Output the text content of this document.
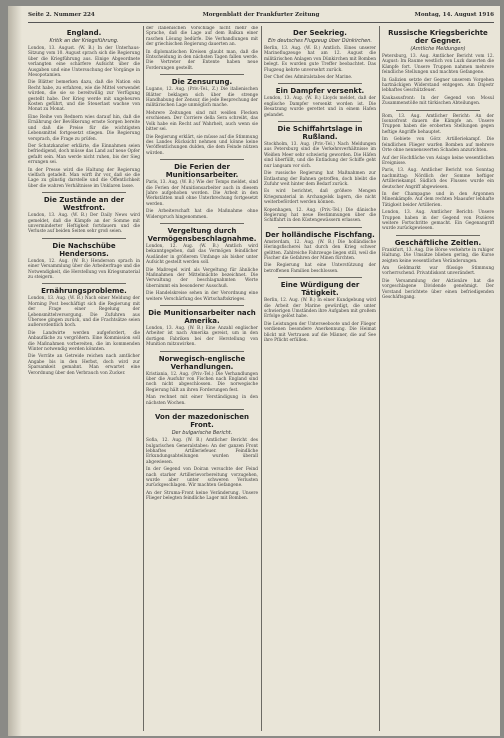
Seite 2. Nummer 224	Morgenblatt der Frankfurter Zeitung	Montag, 14. August 1916
England.
Kritik an der Kriegsführung.
London, 13. August. (W. B.) In der Unterhaus-Sitzung vom 10. August sprach sich die Regierung über die Kriegführung aus. Einige Abgeordnete verlangten eine schärfere Aufsicht über die Ausgaben und eine Untersuchung der Vorgänge in Mesopotamien.
Die Blätter bemerken dazu, daß die Nation ein Recht habe, zu erfahren, wie die Mittel verwendet würden, die sie so bereitwillig zur Verfügung gestellt habe. Der Krieg werde mit ungeheuren Kosten geführt, und die Steuerlast wachse von Monat zu Monat.
Eine Reihe von Rednern wies darauf hin, daß die Ernährung der Bevölkerung ernste Sorgen bereite und daß die Preise für die wichtigsten Lebensmittel fortgesetzt stiegen. Die Regierung versprach, die Frage zu prüfen.
Der Schatzkanzler erklärte, die Einnahmen seien befriedigend, doch müsse das Land auf neue Opfer gefaßt sein. Man werde nicht ruhen, bis der Sieg errungen sei.
In der Presse wird die Haltung der Regierung vielfach getadelt. Man wirft ihr vor, daß sie die Lage zu günstig darstelle und die Öffentlichkeit über die wahren Verhältnisse im Unklaren lasse.
Die Zustände an der Westfront.
London, 13. Aug. (W. B.) Der Daily News wird gemeldet, daß die Kämpfe an der Somme mit unverminderter Heftigkeit fortdauern und die Verluste auf beiden Seiten sehr groß seien.
Die Nachschübe Hendersons.
London, 12. Aug. (W. B.) Henderson sprach in einer Versammlung über die Arbeiterfrage und die Notwendigkeit, die Herstellung von Kriegsmaterial zu steigern.
Ernährungsprobleme.
London, 13. Aug. (W. B.) Nach einer Meldung der Morning Post beschäftigt sich die Regierung mit der Frage einer Regelung der Lebensmittelversorgung. Die Zufuhren aus Übersee gingen zurück, und die Frachtsätze seien außerordentlich hoch.
Die Landwirte werden aufgefordert, die Anbaufläche zu vergrößern. Eine Kommission soll die Maßnahmen vorbereiten, die im kommenden Winter notwendig werden könnten.
Die Vorräte an Getreide reichen nach amtlicher Angabe bis in den Herbst, doch wird zur Sparsamkeit gemahnt. Man erwartet eine Verordnung über den Verbrauch von Zucker.
der italienischen Vorschläge nicht mehr die Sprache, daß die Lage auf dem Balkan einer raschen Lösung bedürfe. Die Verhandlungen mit der griechischen Regierung dauerten an.
In diplomatischen Kreisen glaubt man, daß die Entscheidung in den nächsten Tagen fallen werde. Die Vertreter der Entente haben neue Forderungen gestellt.
Die Zensurung.
Lugano, 12. Aug. (Priv.-Tel., Z.) Die italienischen Blätter beklagen sich über die strenge Handhabung der Zensur, die jede Besprechung der militärischen Lage unmöglich mache.
Mehrere Zeitungen sind mit weißen Flecken erschienen. Der Corriere della Sera schreibt, das Volk habe ein Recht auf Wahrheit, auch wenn sie bitter sei.
Die Regierung erklärt, sie müsse auf die Stimmung des Landes Rücksicht nehmen und könne keine Veröffentlichungen dulden, die dem Feinde nützen würden.
Die Ferien der Munitionsarbeiter.
Paris, 13. Aug. (W. B.) Wie der Temps meldet, sind die Ferien der Munitionsarbeiter auch in diesem Jahre aufgehoben worden. Die Arbeit in den Werkstätten muß ohne Unterbrechung fortgesetzt werden.
Die Arbeiterschaft hat die Maßnahme ohne Widerspruch hingenommen.
Vergeltung durch Vermögensbeschlagnahme.
London, 12. Aug. (W. B.) Amtlich wird bekanntgegeben, daß das Vermögen feindlicher Ausländer in größerem Umfange als bisher unter Aufsicht gestellt werden soll.
Die Maßregel wird als Vergeltung für ähnliche Maßnahmen der Mittelmächte bezeichnet. Die Verwaltung der beschlagnahmten Werte übernimmt ein besonderer Ausschuß.
Die Handelskreise sehen in der Verordnung eine weitere Verschärfung des Wirtschaftskrieges.
Die Munitionsarbeiter nach Amerika.
London, 13. Aug. (W. B.) Eine Anzahl englischer Arbeiter ist nach Amerika gereist, um in den dortigen Fabriken bei der Herstellung von Munition mitzuwirken.
Norwegisch-englische Verhandlungen.
Kristiania, 12. Aug. (Priv.-Tel.) Die Verhandlungen über die Ausfuhr von Fischen nach England sind noch nicht abgeschlossen. Die norwegische Regierung hält an ihren Forderungen fest.
Man rechnet mit einer Verständigung in den nächsten Wochen.
Von der mazedonischen Front.
Der bulgarische Bericht.
Sofia, 12. Aug. (W. B.) Amtlicher Bericht des bulgarischen Generalstabes: An der ganzen Front lebhaftes Artilleriefeuer. Feindliche Erkundungsabteilungen wurden überall abgewiesen.
In der Gegend von Doiran versuchte der Feind nach starker Artillerievorbereitung vorzugehen, wurde aber unter schweren Verlusten zurückgeschlagen. Wir machten Gefangene.
An der Struma-Front keine Veränderung. Unsere Flieger belegten feindliche Lager mit Bomben.
Der Seekrieg.
Ein deutsches Flugzeug über Dünkirchen.
Berlin, 13. Aug. (W. B.) Amtlich. Eines unserer Marineflugzeuge hat am 12. August die militärischen Anlagen von Dünkirchen mit Bomben belegt. Es wurden gute Treffer beobachtet. Das Flugzeug kehrte unversehrt zurück.
Der Chef des Admiralstabes der Marine.
Ein Dampfer versenkt.
London, 13. Aug. (W. B.) Lloyds meldet, daß der englische Dampfer versenkt worden ist. Die Besatzung wurde gerettet und in einem Hafen gelandet.
Die Schiffahrtslage in Rußland.
Stockholm, 13. Aug. (Priv.-Tel.) Nach Meldungen aus Petersburg sind die Verkehrsverhältnisse im Weißen Meer sehr schwierig geworden. Die Häfen sind überfüllt, und die Entladung der Schiffe geht nur langsam vor sich.
Die russische Regierung hat Maßnahmen zur Entlastung der Bahnen getroffen, doch bleibt die Zufuhr weit hinter dem Bedarf zurück.
Es wird berichtet, daß größere Mengen Kriegsmaterial in Archangelsk lagern, die nicht weiterbefördert werden können.
Kopenhagen, 12. Aug. (Priv.-Tel.) Die dänische Regierung hat neue Bestimmungen über die Schiffahrt in den Küstengewässern erlassen.
Der holländische Fischfang.
Amsterdam, 12. Aug. (W. B.) Die holländische Heringsfischerei hat durch den Krieg schwer gelitten. Zahlreiche Fahrzeuge liegen still, weil die Fischer die Gefahren der Minen fürchten.
Die Regierung hat eine Unterstützung der betroffenen Familien beschlossen.
Eine Würdigung der Tätigkeit.
Berlin, 12. Aug. (W. B.) In einer Kundgebung wird die Arbeit der Marine gewürdigt, die unter schwierigen Umständen ihre Aufgaben mit großem Erfolge gelöst habe.
Die Leistungen der Unterseeboote und der Flieger verdienen besondere Anerkennung. Die Heimat blickt mit Vertrauen auf die Männer, die auf See ihre Pflicht erfüllen.
Russische Kriegsberichte der Gegner.
(Amtliche Meldungen)
Petersburg, 13. Aug. Amtlicher Bericht vom 12. August: Im Raume westlich von Luzk dauerten die Kämpfe fort. Unsere Truppen nahmen mehrere feindliche Stellungen und machten Gefangene.
In Galizien setzte der Gegner unserem Vorgehen hartnäckigen Widerstand entgegen. Am Dnjestr lebhaftes Geschützfeuer.
Kaukasusfront: In der Gegend von Mosul Zusammenstöße mit türkischen Abteilungen.
Rom, 13. Aug. Amtlicher Bericht: An der Isonzofront dauern die Kämpfe an. Unsere Truppen haben die eroberten Stellungen gegen heftige Angriffe behauptet.
Im Gebiete von Görz Artilleriekampf. Die feindlichen Flieger warfen Bomben auf mehrere Orte ohne nennenswerten Schaden anzurichten.
Auf der Hochfläche von Asiago keine wesentlichen Ereignisse.
Paris, 13. Aug. Amtlicher Bericht von Sonntag nachmittag: Nördlich der Somme heftiger Artilleriekampf. Südlich des Flusses wurde ein deutscher Angriff abgewiesen.
In der Champagne und in den Argonnen Minenkämpfe. Auf dem rechten Maasufer lebhafte Tätigkeit beider Artillerien.
London, 13. Aug. Amtlicher Bericht: Unsere Truppen haben in der Gegend von Pozières weitere Fortschritte gemacht. Ein Gegenangriff wurde zurückgewiesen.
Geschäftliche Zeitlen.
Frankfurt, 13. Aug. Die Börse verkehrte in ruhiger Haltung. Die Umsätze blieben gering, die Kurse zeigten keine wesentlichen Veränderungen.
Am Geldmarkt war flüssige Stimmung vorherrschend. Privatdiskont unverändert.
Die Versammlung der Aktionäre hat die vorgeschlagene Dividende genehmigt. Der Vorstand berichtete über einen befriedigenden Geschäftsgang.
